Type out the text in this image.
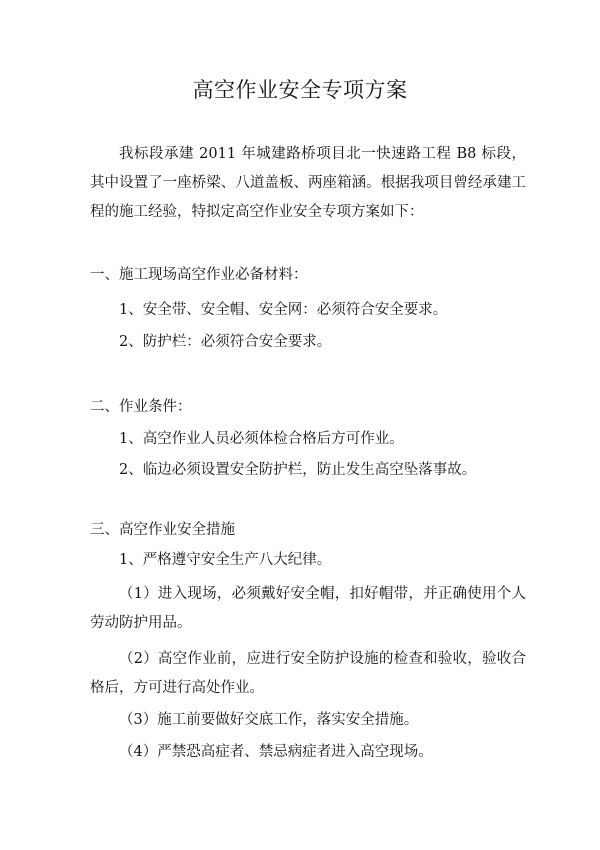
高空作业安全专项方案

我标段承建 2011 年城建路桥项目北一快速路工程 B8 标段，其中设置了一座桥梁、八道盖板、两座箱涵。根据我项目曾经承建工程的施工经验，特拟定高空作业安全专项方案如下：

一、施工现场高空作业必备材料：

1、安全带、安全帽、安全网：必须符合安全要求。

2、防护栏：必须符合安全要求。

二、作业条件：

1、高空作业人员必须体检合格后方可作业。

2、临边必须设置安全防护栏，防止发生高空坠落事故。

三、高空作业安全措施

1、严格遵守安全生产八大纪律。

（1）进入现场，必须戴好安全帽，扣好帽带，并正确使用个人劳动防护用品。

（2）高空作业前，应进行安全防护设施的检查和验收，验收合格后，方可进行高处作业。

（3）施工前要做好交底工作，落实安全措施。

（4）严禁恐高症者、禁忌病症者进入高空现场。
